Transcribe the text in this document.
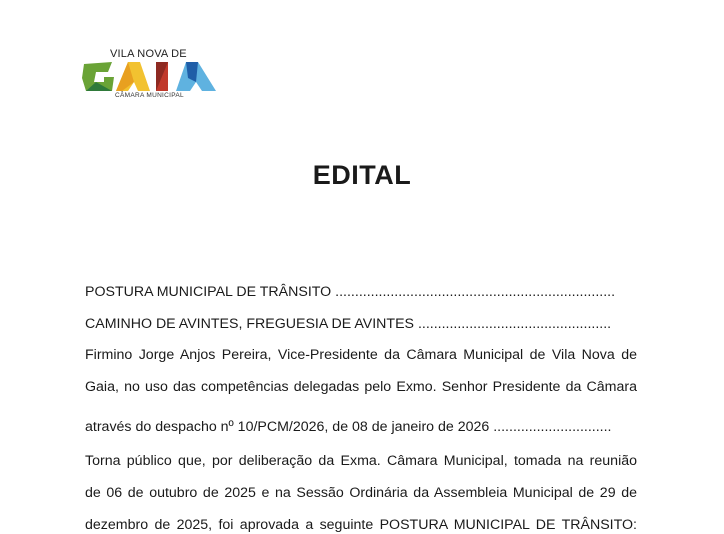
VILA NOVA DE
CÂMARA MUNICIPAL
EDITAL
POSTURA MUNICIPAL DE TRÂNSITO .......................................................................
CAMINHO DE AVINTES, FREGUESIA DE AVINTES .................................................
Firmino Jorge Anjos Pereira, Vice-Presidente da Câmara Municipal de Vila Nova de
Gaia, no uso das competências delegadas pelo Exmo. Senhor Presidente da Câmara
através do despacho nº 10/PCM/2026, de 08 de janeiro de 2026 ..............................
Torna público que, por deliberação da Exma. Câmara Municipal, tomada na reunião
de 06 de outubro de 2025 e na Sessão Ordinária da Assembleia Municipal de 29 de
dezembro de 2025, foi aprovada a seguinte POSTURA MUNICIPAL DE TRÂNSITO:
